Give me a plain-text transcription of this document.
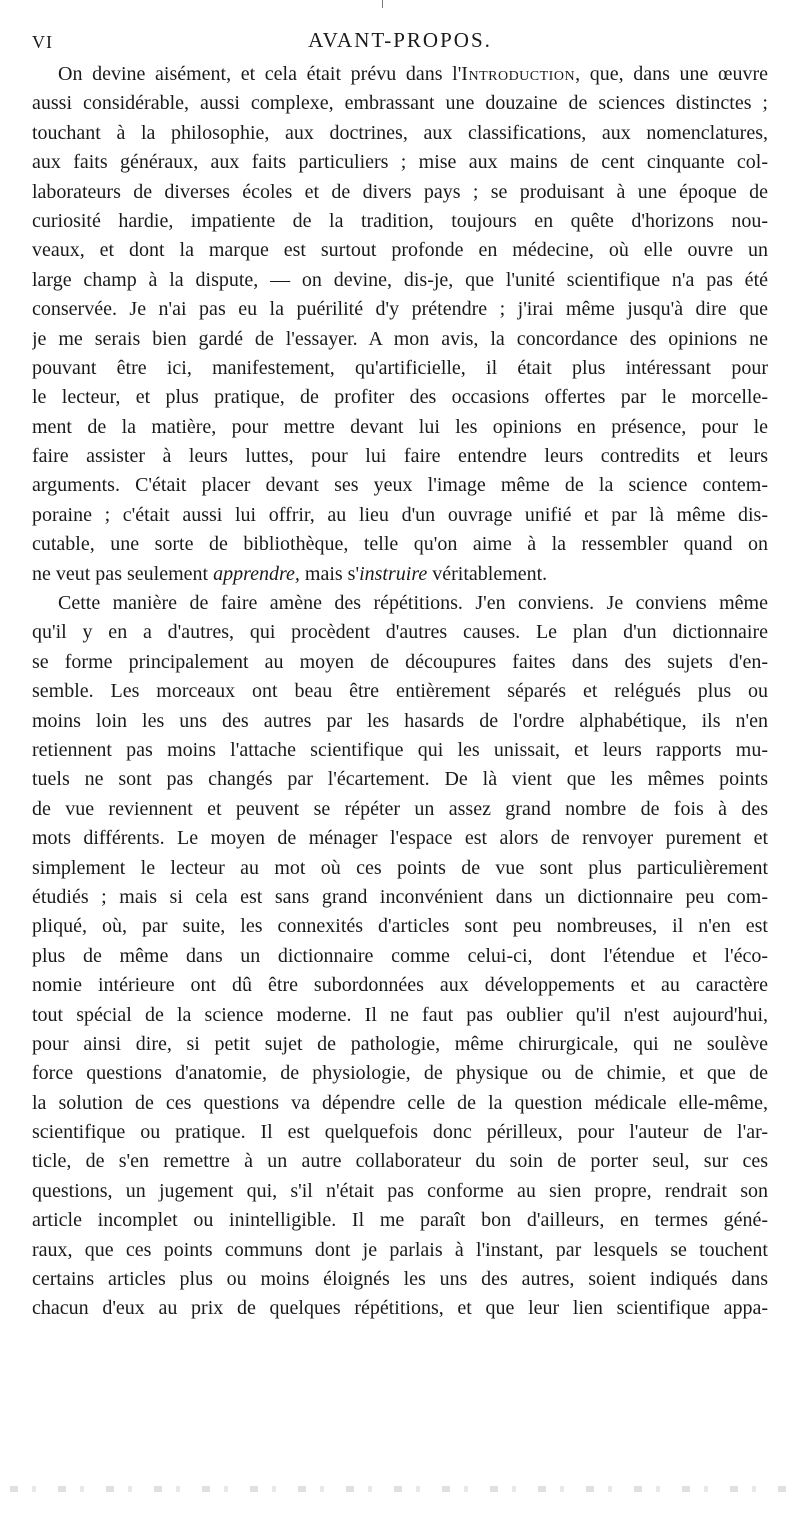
VI	AVANT-PROPOS.
On devine aisément, et cela était prévu dans l'Introduction, que, dans une œuvre
aussi considérable, aussi complexe, embrassant une douzaine de sciences distinctes ;
touchant à la philosophie, aux doctrines, aux classifications, aux nomenclatures,
aux faits généraux, aux faits particuliers ; mise aux mains de cent cinquante col-
laborateurs de diverses écoles et de divers pays ; se produisant à une époque de
curiosité hardie, impatiente de la tradition, toujours en quête d'horizons nou-
veaux, et dont la marque est surtout profonde en médecine, où elle ouvre un
large champ à la dispute, — on devine, dis-je, que l'unité scientifique n'a pas été
conservée. Je n'ai pas eu la puérilité d'y prétendre ; j'irai même jusqu'à dire que
je me serais bien gardé de l'essayer. A mon avis, la concordance des opinions ne
pouvant être ici, manifestement, qu'artificielle, il était plus intéressant pour
le lecteur, et plus pratique, de profiter des occasions offertes par le morcelle-
ment de la matière, pour mettre devant lui les opinions en présence, pour le
faire assister à leurs luttes, pour lui faire entendre leurs contredits et leurs
arguments. C'était placer devant ses yeux l'image même de la science contem-
poraine ; c'était aussi lui offrir, au lieu d'un ouvrage unifié et par là même dis-
cutable, une sorte de bibliothèque, telle qu'on aime à la ressembler quand on
ne veut pas seulement apprendre, mais s'instruire véritablement.
Cette manière de faire amène des répétitions. J'en conviens. Je conviens même
qu'il y en a d'autres, qui procèdent d'autres causes. Le plan d'un dictionnaire
se forme principalement au moyen de découpures faites dans des sujets d'en-
semble. Les morceaux ont beau être entièrement séparés et relégués plus ou
moins loin les uns des autres par les hasards de l'ordre alphabétique, ils n'en
retiennent pas moins l'attache scientifique qui les unissait, et leurs rapports mu-
tuels ne sont pas changés par l'écartement. De là vient que les mêmes points
de vue reviennent et peuvent se répéter un assez grand nombre de fois à des
mots différents. Le moyen de ménager l'espace est alors de renvoyer purement et
simplement le lecteur au mot où ces points de vue sont plus particulièrement
étudiés ; mais si cela est sans grand inconvénient dans un dictionnaire peu com-
pliqué, où, par suite, les connexités d'articles sont peu nombreuses, il n'en est
plus de même dans un dictionnaire comme celui-ci, dont l'étendue et l'éco-
nomie intérieure ont dû être subordonnées aux développements et au caractère
tout spécial de la science moderne. Il ne faut pas oublier qu'il n'est aujourd'hui,
pour ainsi dire, si petit sujet de pathologie, même chirurgicale, qui ne soulève
force questions d'anatomie, de physiologie, de physique ou de chimie, et que de
la solution de ces questions va dépendre celle de la question médicale elle-même,
scientifique ou pratique. Il est quelquefois donc périlleux, pour l'auteur de l'ar-
ticle, de s'en remettre à un autre collaborateur du soin de porter seul, sur ces
questions, un jugement qui, s'il n'était pas conforme au sien propre, rendrait son
article incomplet ou inintelligible. Il me paraît bon d'ailleurs, en termes géné-
raux, que ces points communs dont je parlais à l'instant, par lesquels se touchent
certains articles plus ou moins éloignés les uns des autres, soient indiqués dans
chacun d'eux au prix de quelques répétitions, et que leur lien scientifique appa-
